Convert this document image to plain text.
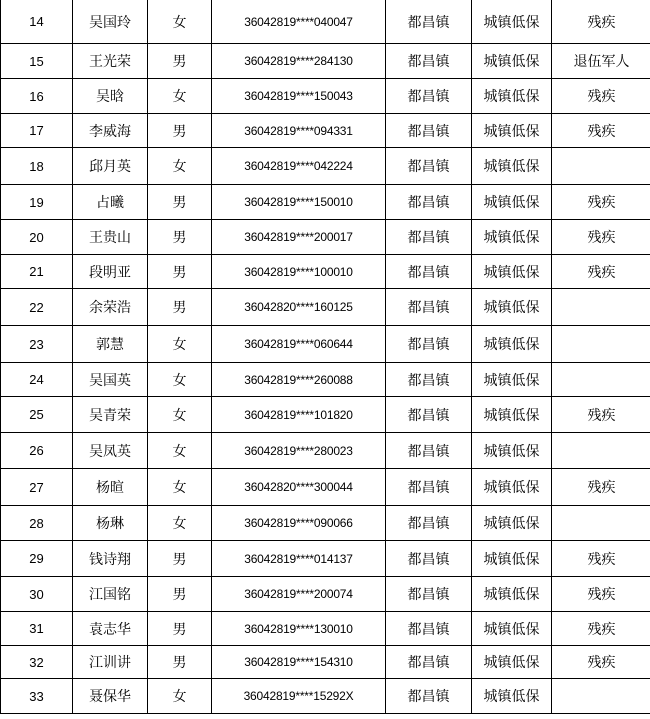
14	吴国玲	女	36042819****040047	都昌镇	城镇低保	残疾
15	王光荣	男	36042819****284130	都昌镇	城镇低保	退伍军人
16	吴晗	女	36042819****150043	都昌镇	城镇低保	残疾
17	李威海	男	36042819****094331	都昌镇	城镇低保	残疾
18	邱月英	女	36042819****042224	都昌镇	城镇低保	
19	占曦	男	36042819****150010	都昌镇	城镇低保	残疾
20	王贵山	男	36042819****200017	都昌镇	城镇低保	残疾
21	段明亚	男	36042819****100010	都昌镇	城镇低保	残疾
22	余荣浩	男	36042820****160125	都昌镇	城镇低保	
23	郭慧	女	36042819****060644	都昌镇	城镇低保	
24	吴国英	女	36042819****260088	都昌镇	城镇低保	
25	吴青荣	女	36042819****101820	都昌镇	城镇低保	残疾
26	吴凤英	女	36042819****280023	都昌镇	城镇低保	
27	杨暄	女	36042820****300044	都昌镇	城镇低保	残疾
28	杨琳	女	36042819****090066	都昌镇	城镇低保	
29	钱诗翔	男	36042819****014137	都昌镇	城镇低保	残疾
30	江国铭	男	36042819****200074	都昌镇	城镇低保	残疾
31	袁志华	男	36042819****130010	都昌镇	城镇低保	残疾
32	江训讲	男	36042819****154310	都昌镇	城镇低保	残疾
33	聂保华	女	36042819****15292X	都昌镇	城镇低保	
